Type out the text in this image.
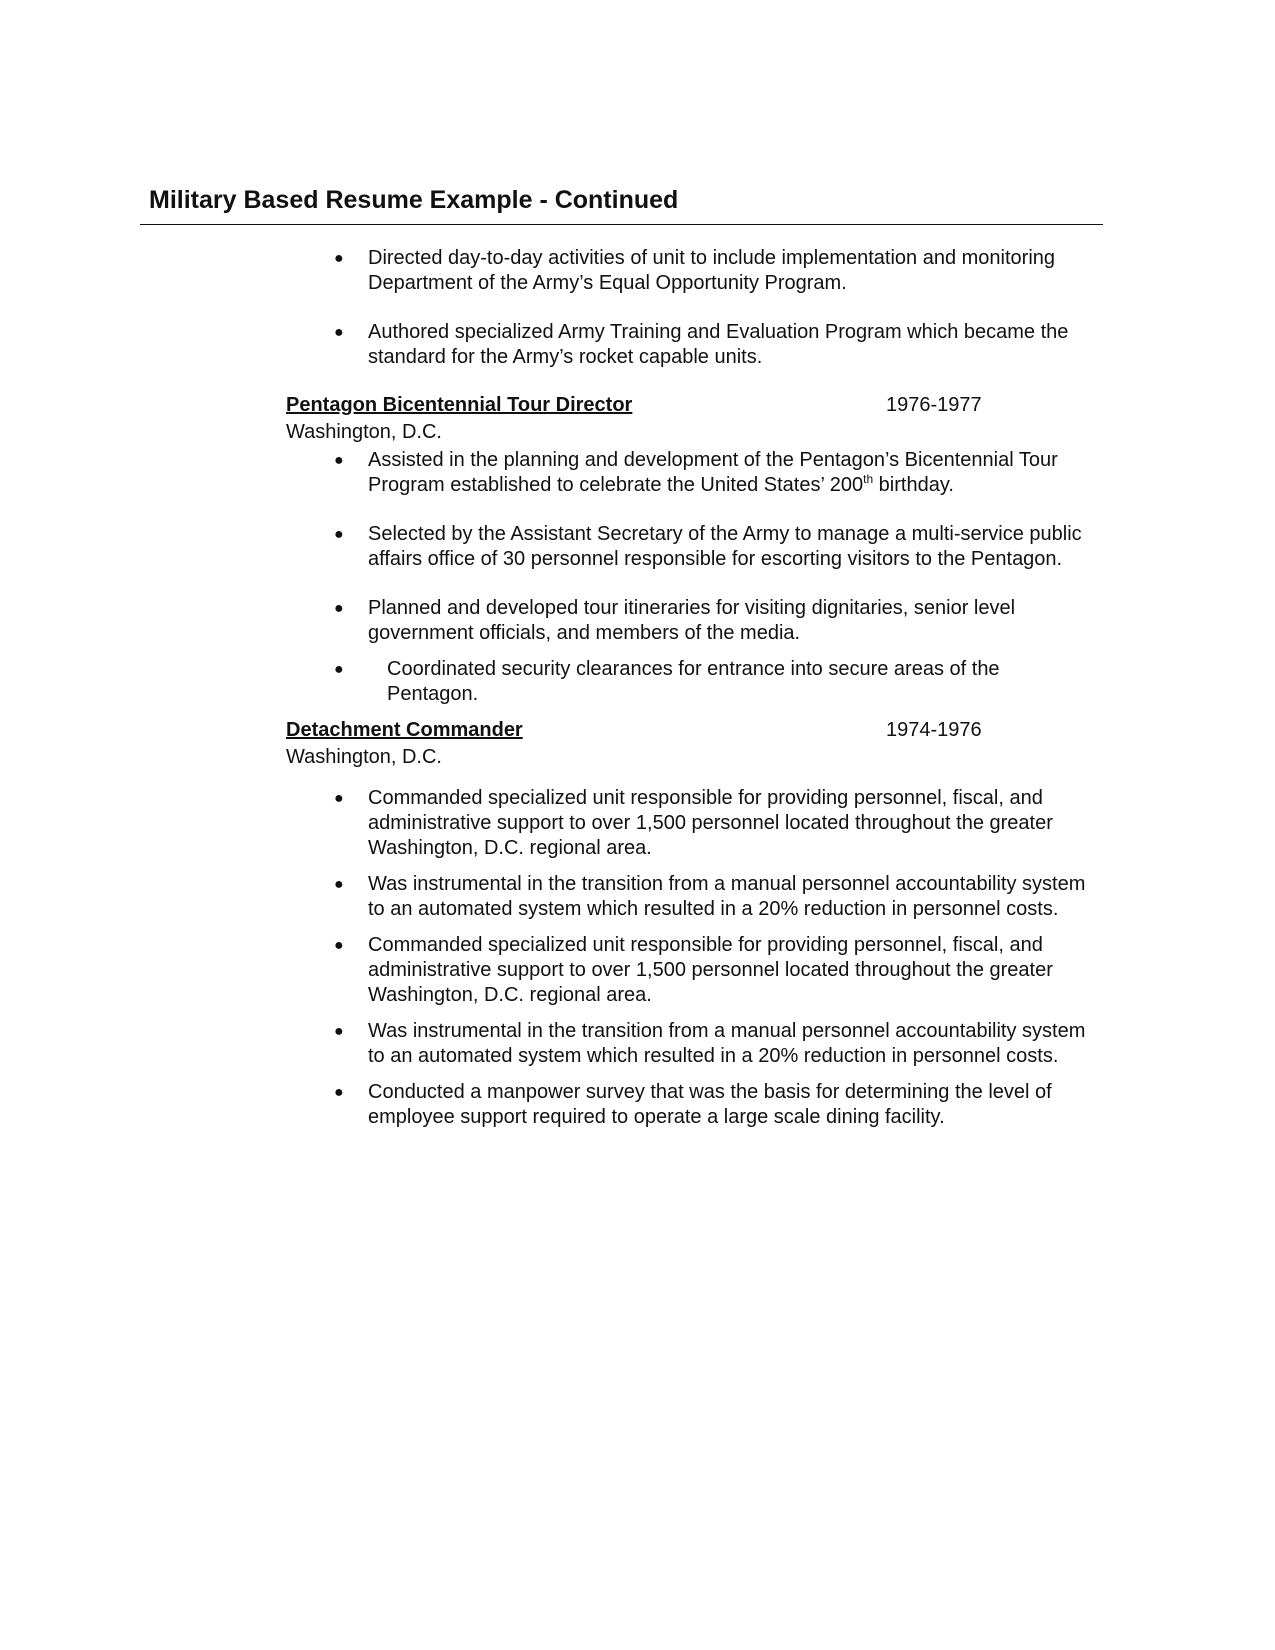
Military Based Resume Example - Continued
● Directed day-to-day activities of unit to include implementation and monitoring
Department of the Army’s Equal Opportunity Program.
● Authored specialized Army Training and Evaluation Program which became the
standard for the Army’s rocket capable units.
Pentagon Bicentennial Tour Director	1976-1977
Washington, D.C.
● Assisted in the planning and development of the Pentagon’s Bicentennial Tour
Program established to celebrate the United States’ 200th birthday.
● Selected by the Assistant Secretary of the Army to manage a multi-service public
affairs office of 30 personnel responsible for escorting visitors to the Pentagon.
● Planned and developed tour itineraries for visiting dignitaries, senior level
government officials, and members of the media.
● Coordinated security clearances for entrance into secure areas of the
Pentagon.
Detachment Commander	1974-1976
Washington, D.C.
● Commanded specialized unit responsible for providing personnel, fiscal, and
administrative support to over 1,500 personnel located throughout the greater
Washington, D.C. regional area.
● Was instrumental in the transition from a manual personnel accountability system
to an automated system which resulted in a 20% reduction in personnel costs.
● Commanded specialized unit responsible for providing personnel, fiscal, and
administrative support to over 1,500 personnel located throughout the greater
Washington, D.C. regional area.
● Was instrumental in the transition from a manual personnel accountability system
to an automated system which resulted in a 20% reduction in personnel costs.
● Conducted a manpower survey that was the basis for determining the level of
employee support required to operate a large scale dining facility.
